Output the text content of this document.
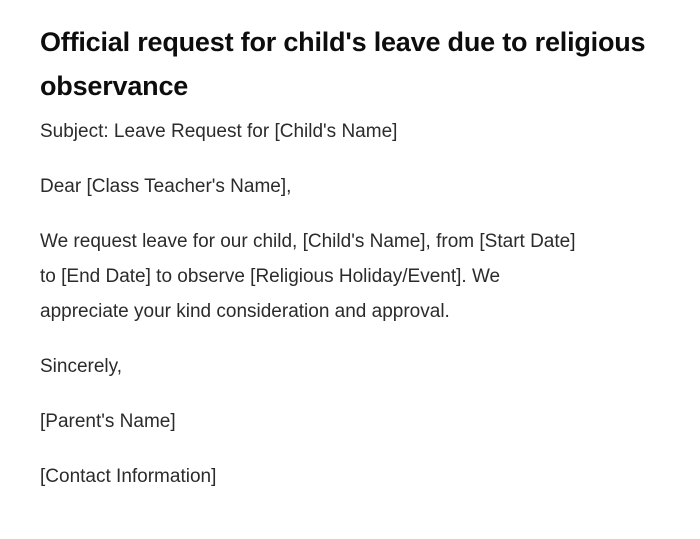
Official request for child's leave due to religious
observance

Subject: Leave Request for [Child's Name]

Dear [Class Teacher's Name],

We request leave for our child, [Child's Name], from [Start Date]
to [End Date] to observe [Religious Holiday/Event]. We
appreciate your kind consideration and approval.

Sincerely,

[Parent's Name]

[Contact Information]
